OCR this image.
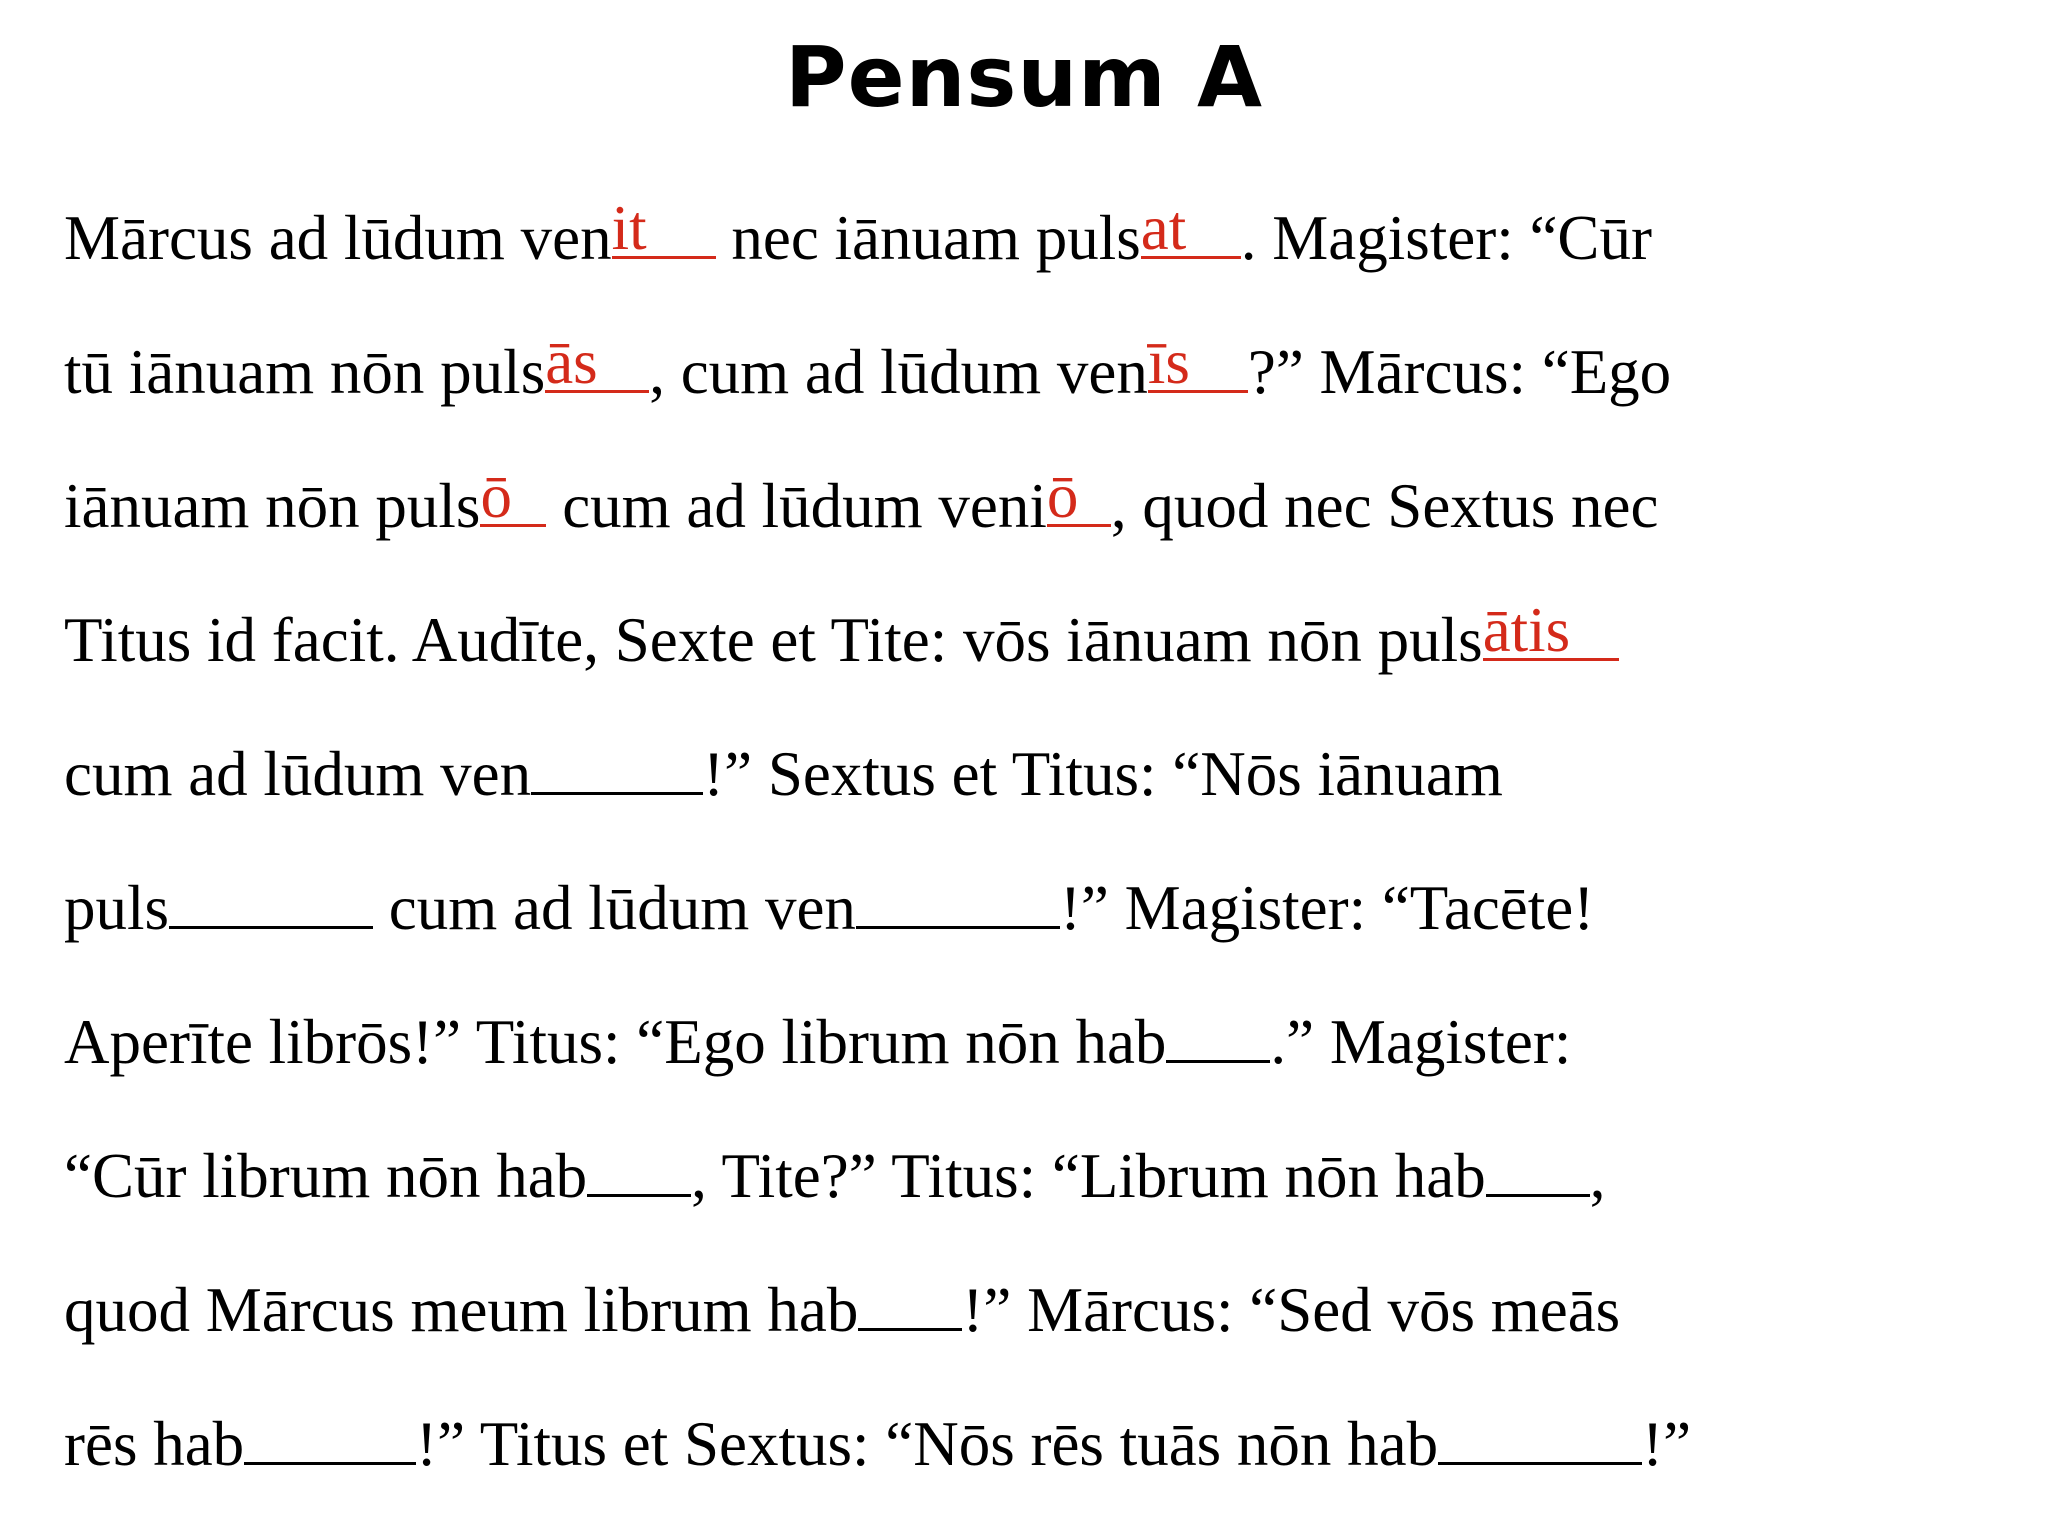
Pensum A
Mārcus ad lūdum ven it	nec iānuam puls at . Magister: “Cūr
tū iānuam nōn puls ās , cum ad lūdum ven īs ?” Mārcus: “Ego
iānuam nōn puls ō cum ad lūdum veni ō , quod nec Sextus nec
Titus id facit. Audīte, Sexte et Tite: vōs iānuam nōn puls ātis
cum ad lūdum ven	!” Sextus et Titus: “Nōs iānuam
puls	cum ad lūdum ven	!” Magister: “Tacēte!
Aperīte librōs!” Titus: “Ego librum nōn hab .” Magister:
“Cūr librum nōn hab , Tite?” Titus: “Librum nōn hab ,
quod Mārcus meum librum hab !” Mārcus: “Sed vōs meās
rēs hab	!” Titus et Sextus: “Nōs rēs tuās nōn hab	!”
